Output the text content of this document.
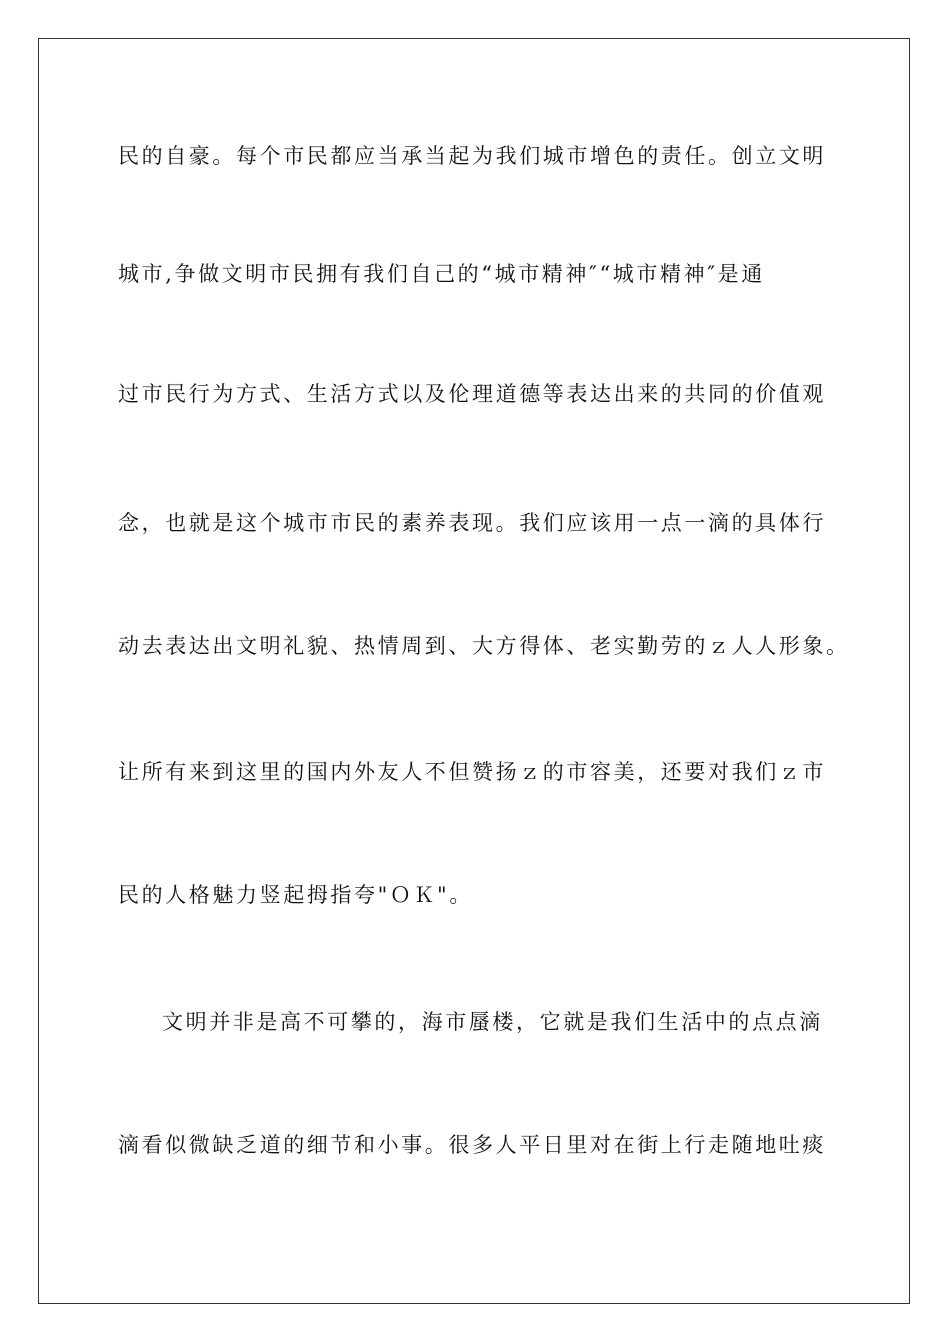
民的自豪。每个市民都应当承当起为我们城市增色的责任。创立文明
城市,争做文明市民拥有我们自己的“城市精神″“城市精神″是通
过市民行为方式、生活方式以及伦理道德等表达出来的共同的价值观
念，也就是这个城市市民的素养表现。我们应该用一点一滴的具体行
动去表达出文明礼貌、热情周到、大方得体、老实勤劳的ｚ人人形象。
让所有来到这里的国内外友人不但赞扬ｚ的市容美，还要对我们ｚ市
民的人格魅力竖起拇指夸"ＯＫ"。
文明并非是高不可攀的，海市蜃楼，它就是我们生活中的点点滴
滴看似微缺乏道的细节和小事。很多人平日里对在街上行走随地吐痰
